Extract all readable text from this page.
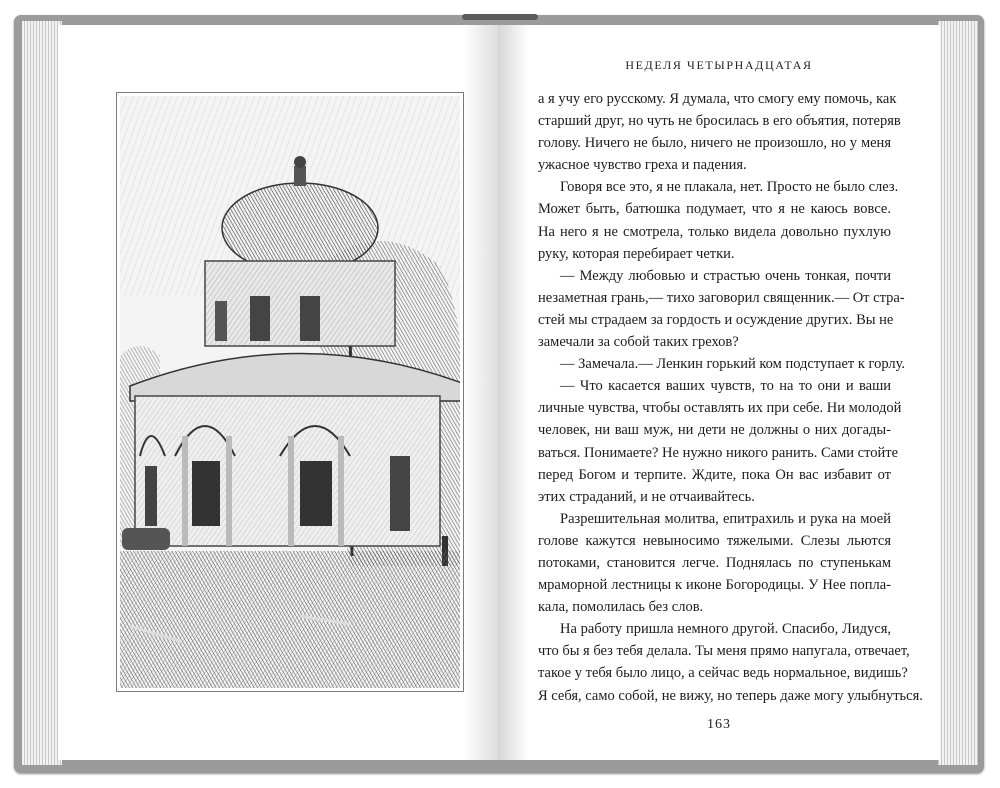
НЕДЕЛЯ ЧЕТЫРНАДЦАТАЯ
а я учу его русскому. Я думала, что смогу ему помочь, как
старший друг, но чуть не бросилась в его объятия, потеряв
голову. Ничего не было, ничего не произошло, но у меня
ужасное чувство греха и падения.
Говоря все это, я не плакала, нет. Просто не было слез.
Может быть, батюшка подумает, что я не каюсь вовсе.
На него я не смотрела, только видела довольно пухлую
руку, которая перебирает четки.
— Между любовью и страстью очень тонкая, почти
незаметная грань,— тихо заговорил священник.— От стра-
стей мы страдаем за гордость и осуждение других. Вы не
замечали за собой таких грехов?
— Замечала.— Ленкин горький ком подступает к горлу.
— Что касается ваших чувств, то на то они и ваши
личные чувства, чтобы оставлять их при себе. Ни молодой
человек, ни ваш муж, ни дети не должны о них догады-
ваться. Понимаете? Не нужно никого ранить. Сами стойте
перед Богом и терпите. Ждите, пока Он вас избавит от
этих страданий, и не отчаивайтесь.
Разрешительная молитва, епитрахиль и рука на моей
голове кажутся невыносимо тяжелыми. Слезы льются
потоками, становится легче. Поднялась по ступенькам
мраморной лестницы к иконе Богородицы. У Нее попла-
кала, помолилась без слов.
На работу пришла немного другой. Спасибо, Лидуся,
что бы я без тебя делала. Ты меня прямо напугала, отвечает,
такое у тебя было лицо, а сейчас ведь нормальное, видишь?
Я себя, само собой, не вижу, но теперь даже могу улыбнуться.
163
